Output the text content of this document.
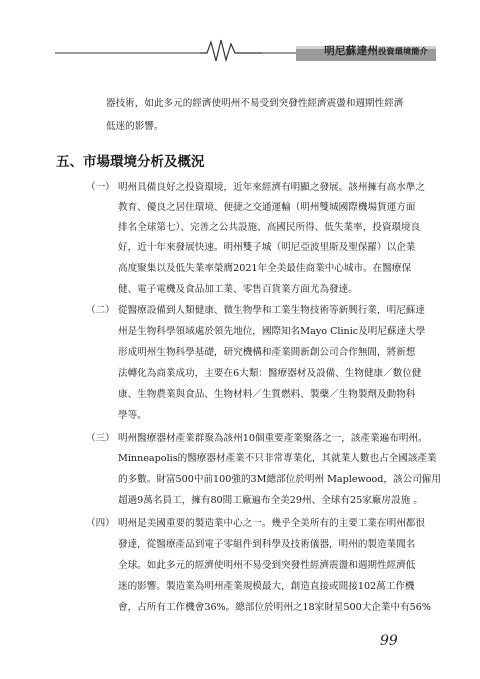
明尼蘇達州投資環境簡介
器技術，如此多元的經濟使明州不易受到突發性經濟震盪和週期性經濟
低迷的影響。
五、市場環境分析及概況
（一） 明州具備良好之投資環境，近年來經濟有明顯之發展。該州擁有高水準之
教育、優良之居住環境、便捷之交通運輸（明州雙城國際機場貨運方面
排名全球第七）、完善之公共設施、高國民所得、低失業率，投資環境良
好，近十年來發展快速。明州雙子城（明尼亞波里斯及聖保羅）以企業
高度聚集以及低失業率榮膺2021年全美最佳商業中心城市。在醫療保
健、電子電機及食品加工業、零售百貨業方面尤為發達。
（二） 從醫療設備到人類健康、微生物學和工業生物技術等新興行業，明尼蘇達
州是生物科學領域處於領先地位，國際知名Mayo Clinic及明尼蘇達大學
形成明州生物科學基礎，研究機構和產業間新創公司合作無間，將新想
法轉化為商業成功，主要在6大類：醫療器材及設備、生物健康／數位健
康、生物農業與食品、生物材料／生質燃料、製藥／生物製劑及動物科
學等。
（三） 明州醫療器材產業群聚為該州10個重要產業聚落之一，該產業遍布明州。
Minneapolis的醫療器材產業不只非常專業化，其就業人數也占全國該產業
的多數。財富500中前100強的3M總部位於明州 Maplewood，該公司僱用
超過9萬名員工，擁有80間工廠遍布全美29州、全球有25家廠房設施 。
（四） 明州是美國重要的製造業中心之一。幾乎全美所有的主要工業在明州都很
發達，從醫療產品到電子零組件到科學及技術儀器，明州的製造業聞名
全球。如此多元的經濟使明州不易受到突發性經濟震盪和週期性經濟低
迷的影響。製造業為明州產業規模最大，創造直接或間接102萬工作機
會，占所有工作機會36%。總部位於明州之18家財星500大企業中有56%
99
